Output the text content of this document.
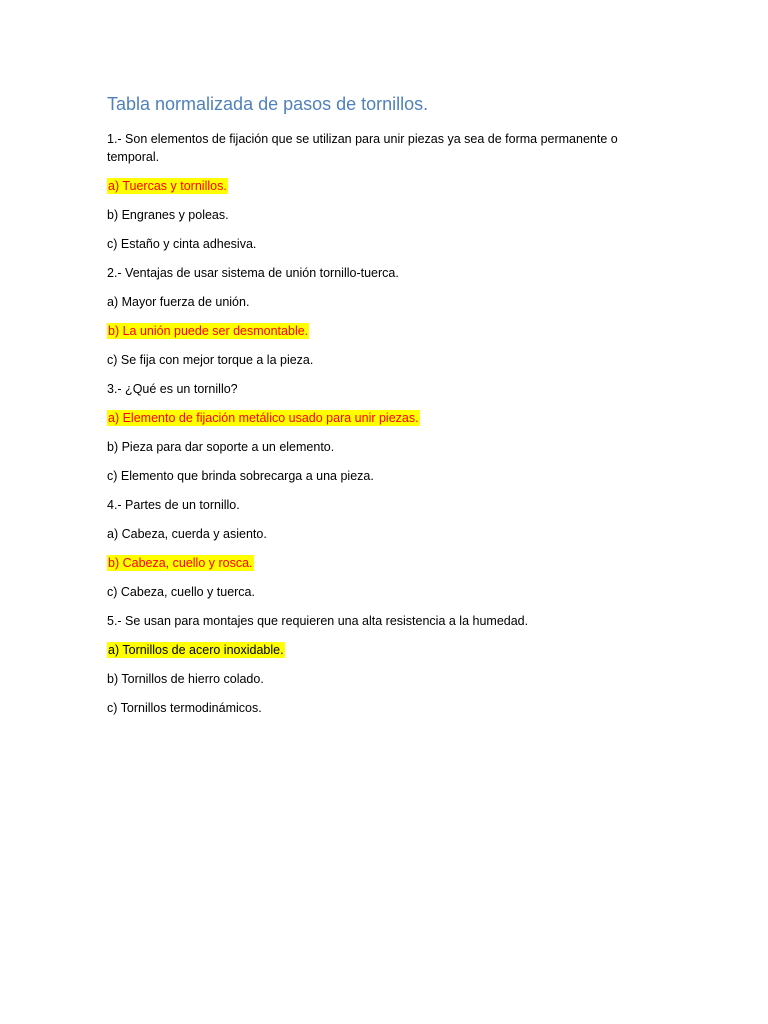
Tabla normalizada de pasos de tornillos.

1.- Son elementos de fijación que se utilizan para unir piezas ya sea de forma permanente o temporal.

a) Tuercas y tornillos.

b) Engranes y poleas.

c) Estaño y cinta adhesiva.

2.- Ventajas de usar sistema de unión tornillo-tuerca.

a) Mayor fuerza de unión.

b) La unión puede ser desmontable.

c) Se fija con mejor torque a la pieza.

3.- ¿Qué es un tornillo?

a) Elemento de fijación metálico usado para unir piezas.

b) Pieza para dar soporte a un elemento.

c) Elemento que brinda sobrecarga a una pieza.

4.- Partes de un tornillo.

a) Cabeza, cuerda y asiento.

b) Cabeza, cuello y rosca.

c) Cabeza, cuello y tuerca.

5.- Se usan para montajes que requieren una alta resistencia a la humedad.

a) Tornillos de acero inoxidable.

b) Tornillos de hierro colado.

c) Tornillos termodinámicos.
